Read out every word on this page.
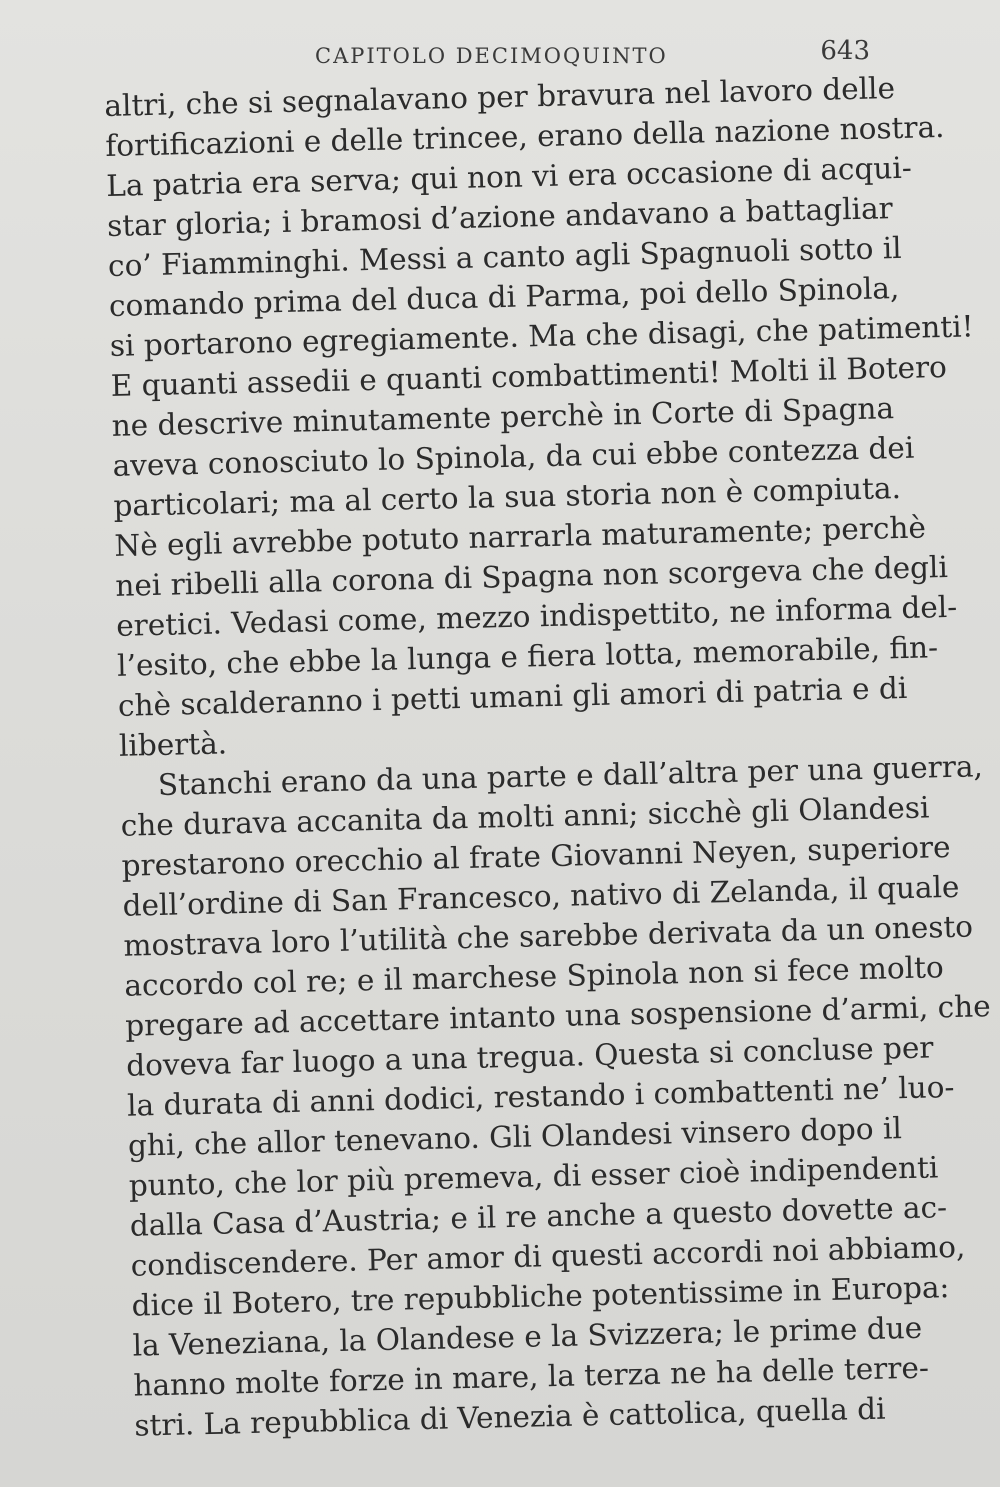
CAPITOLO DECIMOQUINTO	643
altri, che si segnalavano per bravura nel lavoro delle
fortificazioni e delle trincee, erano della nazione nostra.
La patria era serva; qui non vi era occasione di acqui-
star gloria; i bramosi d’azione andavano a battagliar
co’ Fiamminghi. Messi a canto agli Spagnuoli sotto il
comando prima del duca di Parma, poi dello Spinola,
si portarono egregiamente. Ma che disagi, che patimenti!
E quanti assedii e quanti combattimenti! Molti il Botero
ne descrive minutamente perchè in Corte di Spagna
aveva conosciuto lo Spinola, da cui ebbe contezza dei
particolari; ma al certo la sua storia non è compiuta.
Nè egli avrebbe potuto narrarla maturamente; perchè
nei ribelli alla corona di Spagna non scorgeva che degli
eretici. Vedasi come, mezzo indispettito, ne informa del-
l’esito, che ebbe la lunga e fiera lotta, memorabile, fin-
chè scalderanno i petti umani gli amori di patria e di
libertà.
Stanchi erano da una parte e dall’altra per una guerra,
che durava accanita da molti anni; sicchè gli Olandesi
prestarono orecchio al frate Giovanni Neyen, superiore
dell’ordine di San Francesco, nativo di Zelanda, il quale
mostrava loro l’utilità che sarebbe derivata da un onesto
accordo col re; e il marchese Spinola non si fece molto
pregare ad accettare intanto una sospensione d’armi, che
doveva far luogo a una tregua. Questa si concluse per
la durata di anni dodici, restando i combattenti ne’ luo-
ghi, che allor tenevano. Gli Olandesi vinsero dopo il
punto, che lor più premeva, di esser cioè indipendenti
dalla Casa d’Austria; e il re anche a questo dovette ac-
condiscendere. Per amor di questi accordi noi abbiamo,
dice il Botero, tre repubbliche potentissime in Europa:
la Veneziana, la Olandese e la Svizzera; le prime due
hanno molte forze in mare, la terza ne ha delle terre-
stri. La repubblica di Venezia è cattolica, quella di
